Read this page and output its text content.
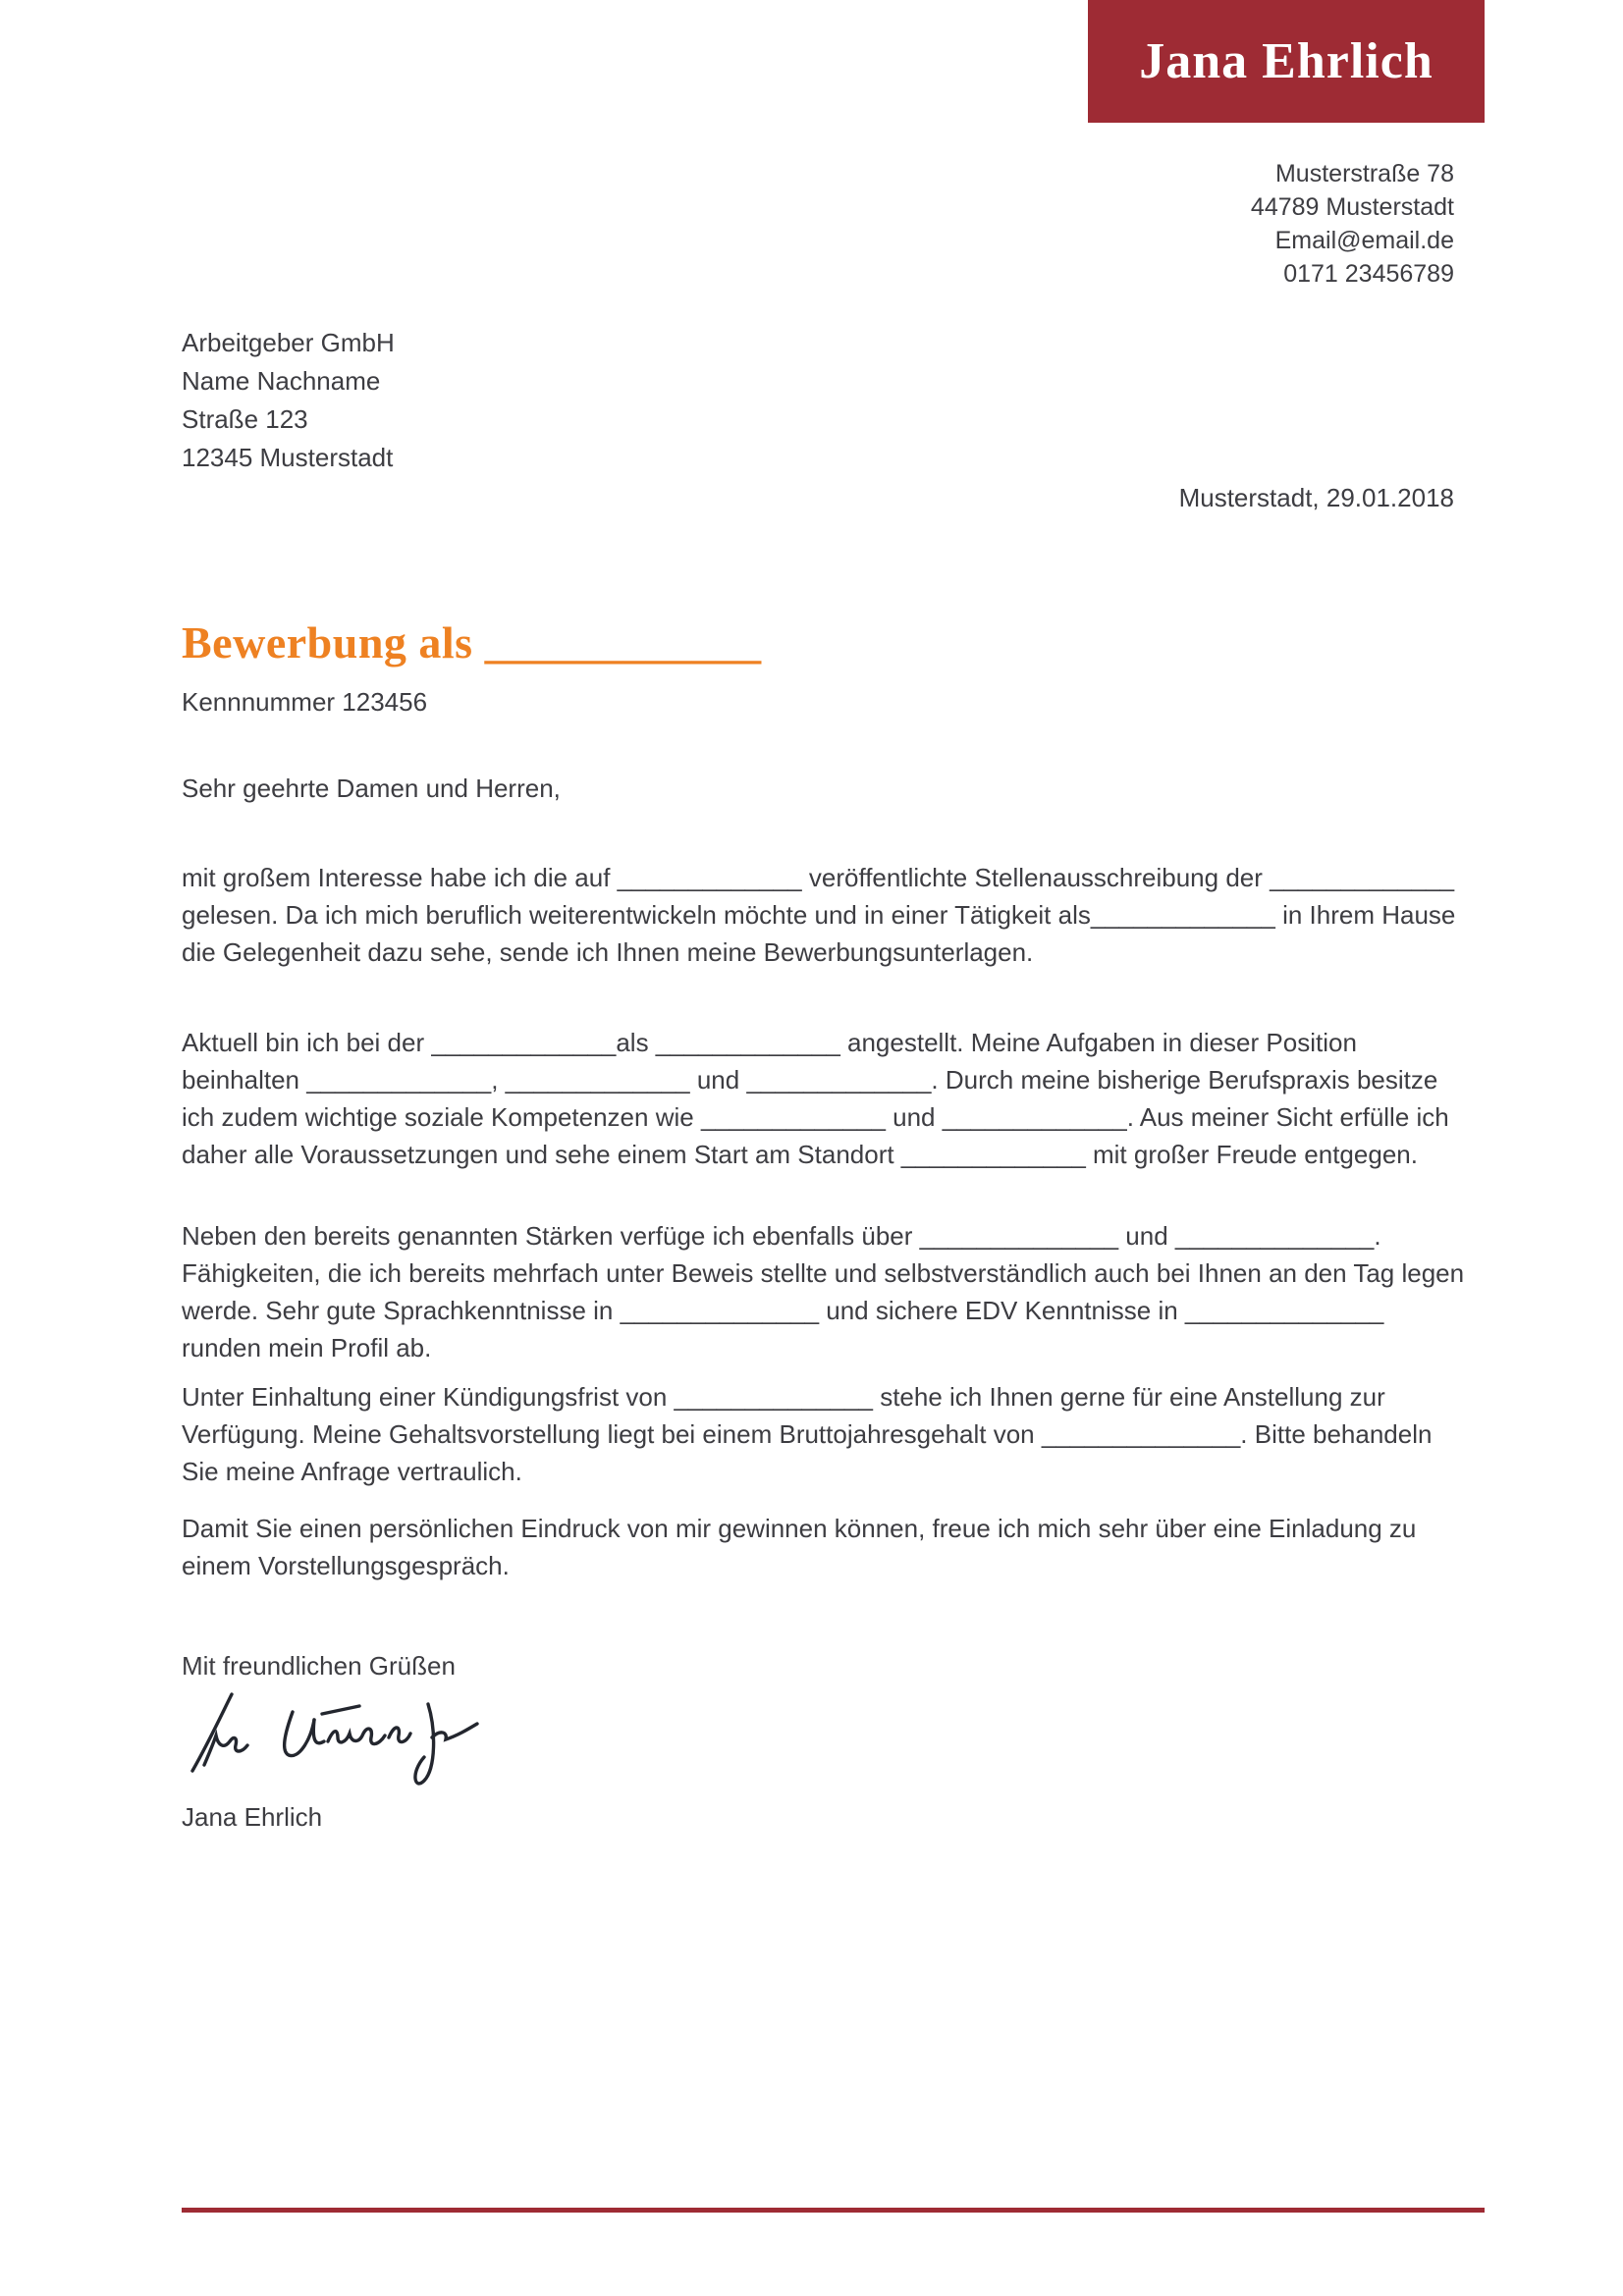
Jana Ehrlich
Musterstraße 78
44789 Musterstadt
Email@email.de
0171 23456789
Arbeitgeber GmbH
Name Nachname
Straße 123
12345 Musterstadt
Musterstadt, 29.01.2018
Bewerbung als ____________
Kennnummer 123456
Sehr geehrte Damen und Herren,
mit großem Interesse habe ich die auf _____________ veröffentlichte Stellenausschreibung der _____________ gelesen. Da ich mich beruflich weiterentwickeln möchte und in einer Tätigkeit als_____________ in Ihrem Hause die Gelegenheit dazu sehe, sende ich Ihnen meine Bewerbungsunterlagen.
Aktuell bin ich bei der _____________als _____________ angestellt. Meine Aufgaben in dieser Position beinhalten _____________, _____________ und _____________. Durch meine bisherige Berufspraxis besitze ich zudem wichtige soziale Kompetenzen wie _____________ und _____________. Aus meiner Sicht erfülle ich daher alle Voraussetzungen und sehe einem Start am Standort _____________ mit großer Freude entgegen.
Neben den bereits genannten Stärken verfüge ich ebenfalls über ______________ und ______________. Fähigkeiten, die ich bereits mehrfach unter Beweis stellte und selbstverständlich auch bei Ihnen an den Tag legen werde. Sehr gute Sprachkenntnisse in ______________ und sichere EDV Kenntnisse in ______________ runden mein Profil ab.
Unter Einhaltung einer Kündigungsfrist von ______________ stehe ich Ihnen gerne für eine Anstellung zur Verfügung. Meine Gehaltsvorstellung liegt bei einem Bruttojahresgehalt von ______________. Bitte behandeln Sie meine Anfrage vertraulich.
Damit Sie einen persönlichen Eindruck von mir gewinnen können, freue ich mich sehr über eine Einladung zu einem Vorstellungsgespräch.
Mit freundlichen Grüßen
Jana Ehrlich
